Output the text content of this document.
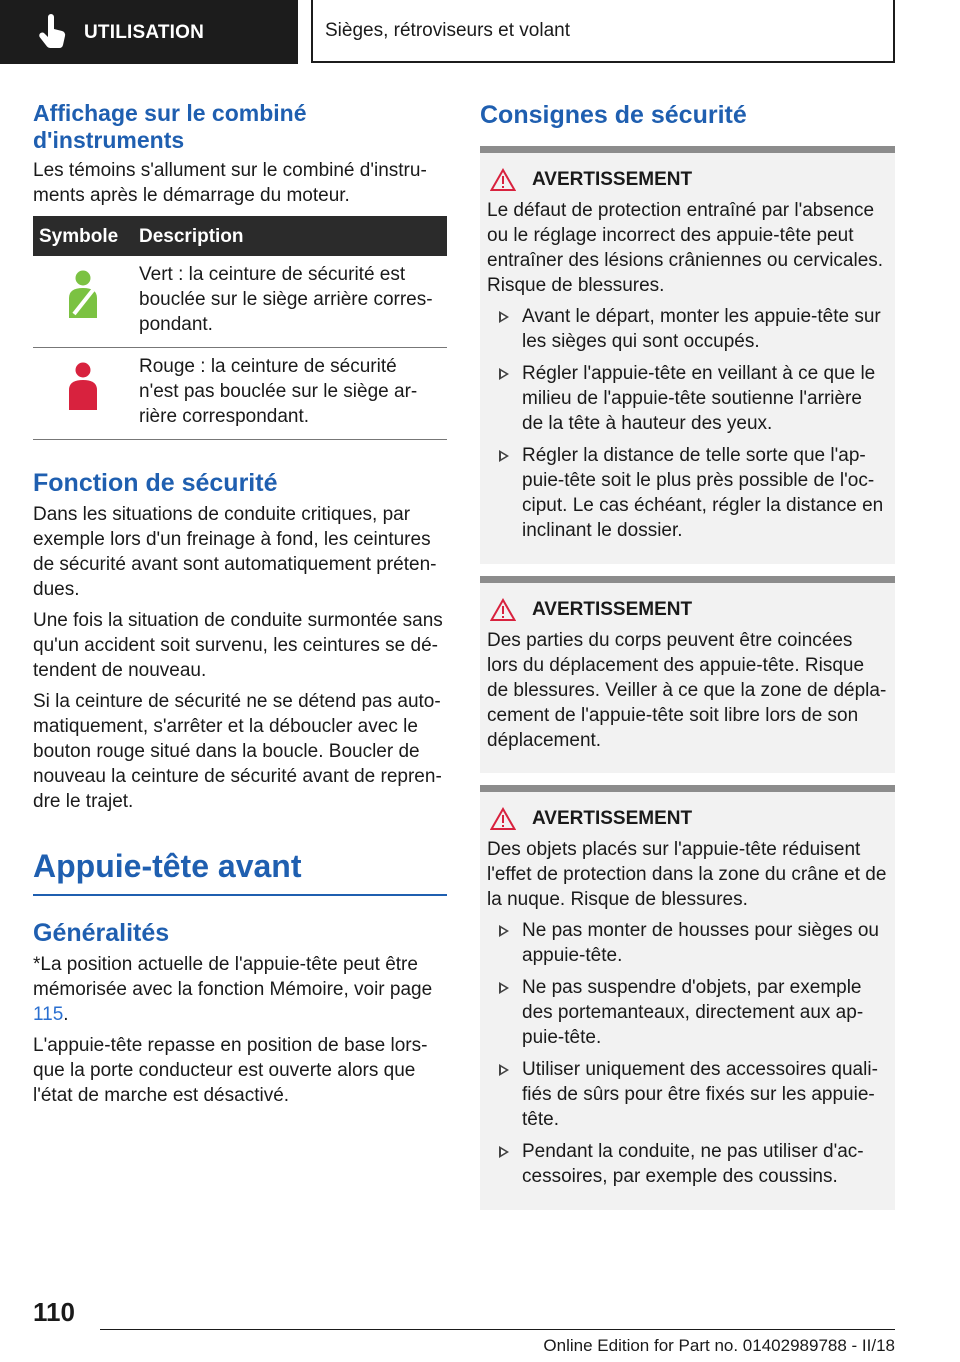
UTILISATION	Sièges, rétroviseurs et volant
Affichage sur le combiné d'instruments

Les témoins s'allument sur le combiné d'instruments après le démarrage du moteur.

Symbole	Description
	Vert : la ceinture de sécurité est bouclée sur le siège arrière correspondant.
	Rouge : la ceinture de sécurité n'est pas bouclée sur le siège arrière correspondant.
Fonction de sécurité

Dans les situations de conduite critiques, par exemple lors d'un freinage à fond, les ceintures de sécurité avant sont automatiquement prétendues.

Une fois la situation de conduite surmontée sans qu'un accident soit survenu, les ceintures se détendent de nouveau.

Si la ceinture de sécurité ne se détend pas automatiquement, s'arrêter et la déboucler avec le bouton rouge situé dans la boucle. Boucler de nouveau la ceinture de sécurité avant de reprendre le trajet.

Appuie-tête avant
Généralités

*La position actuelle de l'appuie-tête peut être mémorisée avec la fonction Mémoire, voir page 115.

L'appuie-tête repasse en position de base lorsque la porte conducteur est ouverte alors que l'état de marche est désactivé.

Consignes de sécurité
AVERTISSEMENT

Le défaut de protection entraîné par l'absence ou le réglage incorrect des appuie-tête peut entraîner des lésions crâniennes ou cervicales. Risque de blessures.

Avant le départ, monter les appuie-tête sur les sièges qui sont occupés.
Régler l'appuie-tête en veillant à ce que le milieu de l'appuie-tête soutienne l'arrière de la tête à hauteur des yeux.
Régler la distance de telle sorte que l'appuie-tête soit le plus près possible de l'occiput. Le cas échéant, régler la distance en inclinant le dossier.
AVERTISSEMENT

Des parties du corps peuvent être coincées lors du déplacement des appuie-tête. Risque de blessures. Veiller à ce que la zone de déplacement de l'appuie-tête soit libre lors de son déplacement.

AVERTISSEMENT

Des objets placés sur l'appuie-tête réduisent l'effet de protection dans la zone du crâne et de la nuque. Risque de blessures.

Ne pas monter de housses pour sièges ou appuie-tête.
Ne pas suspendre d'objets, par exemple des portemanteaux, directement aux appuie-tête.
Utiliser uniquement des accessoires qualifiés de sûrs pour être fixés sur les appuie-tête.
Pendant la conduite, ne pas utiliser d'accessoires, par exemple des coussins.
110
Online Edition for Part no. 01402989788 - II/18
